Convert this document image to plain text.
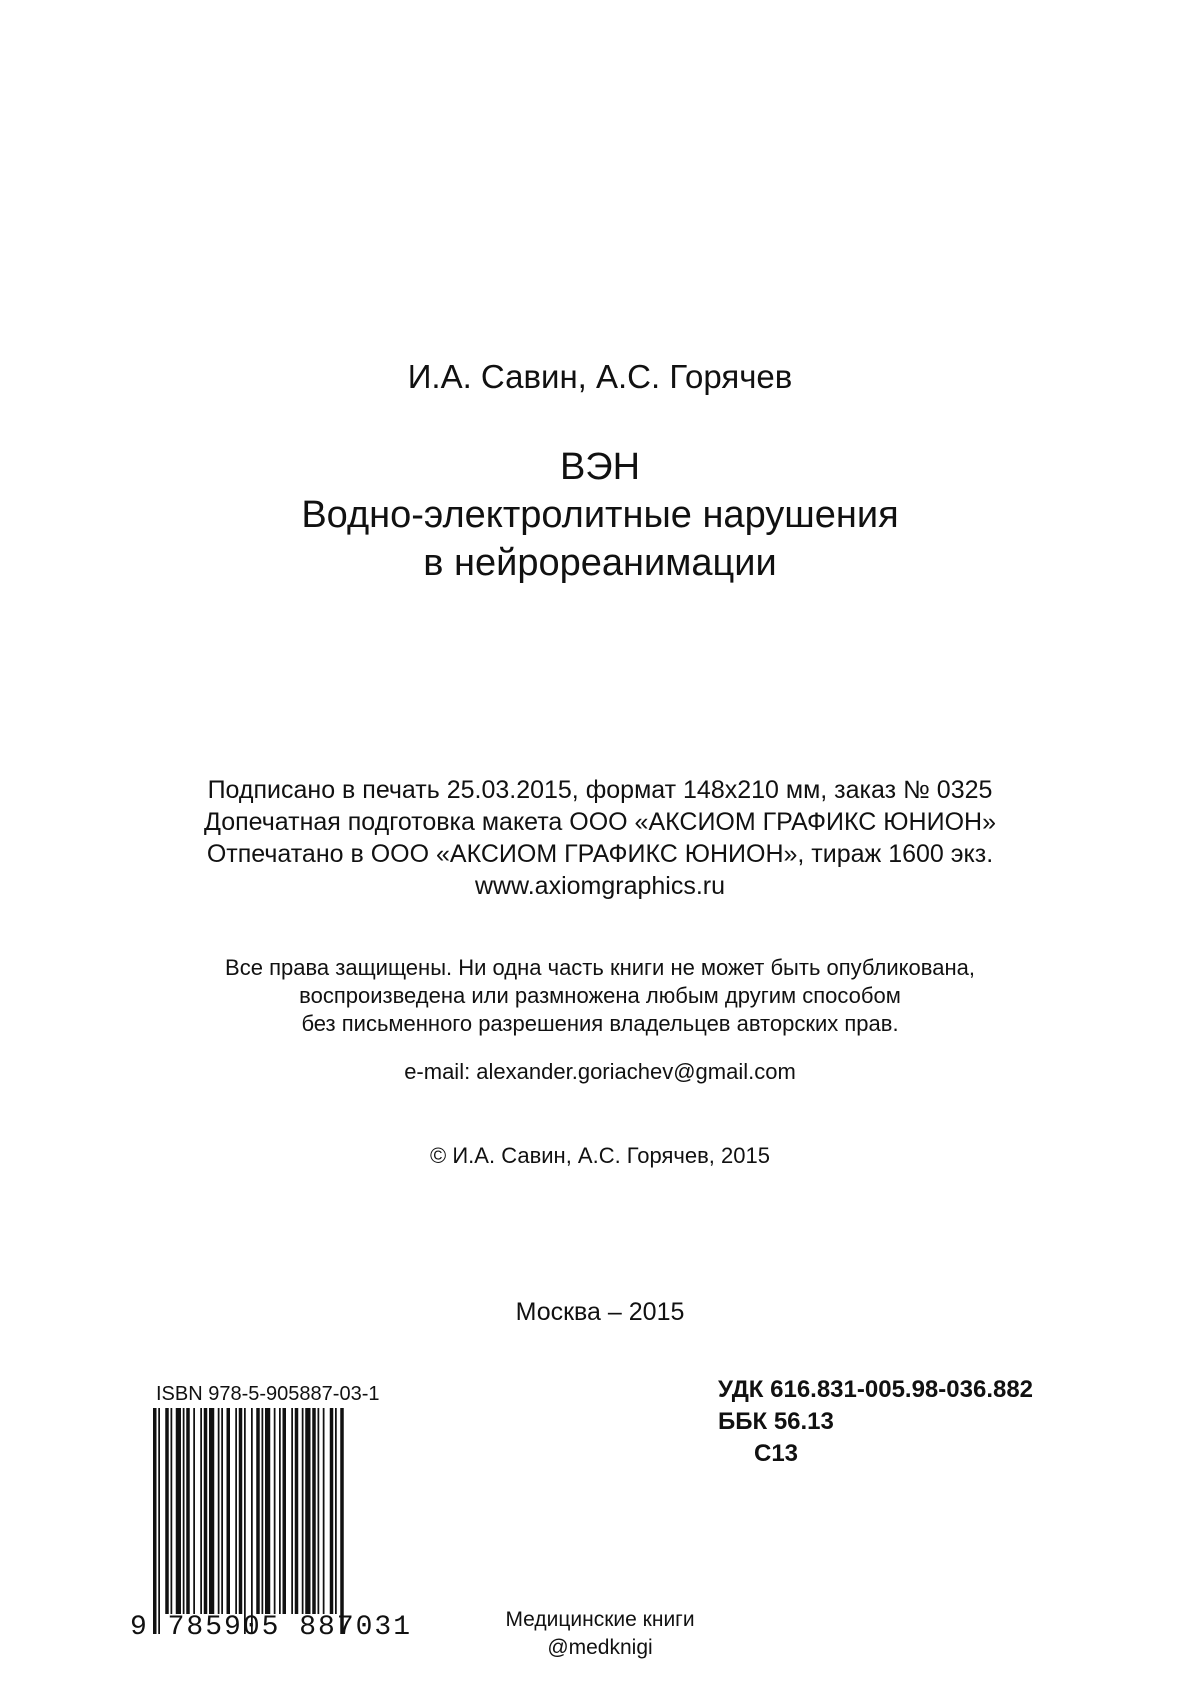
И.А. Савин, А.С. Горячев
ВЭН
Водно-электролитные нарушения
в нейрореанимации
Подписано в печать 25.03.2015, формат 148x210 мм, заказ № 0325
Допечатная подготовка макета ООО «АКСИОМ ГРАФИКС ЮНИОН»
Отпечатано в ООО «АКСИОМ ГРАФИКС ЮНИОН», тираж 1600 экз.
www.axiomgraphics.ru
Все права защищены. Ни одна часть книги не может быть опубликована,
воспроизведена или размножена любым другим способом
без письменного разрешения владельцев авторских прав.
e-mail: alexander.goriachev@gmail.com
© И.А. Савин, А.С. Горячев, 2015
Москва – 2015
УДК 616.831-005.98-036.882
ББК 56.13
С13
ISBN 978-5-905887-03-1
9 785905 887031	Медицинские книги
@medknigi
